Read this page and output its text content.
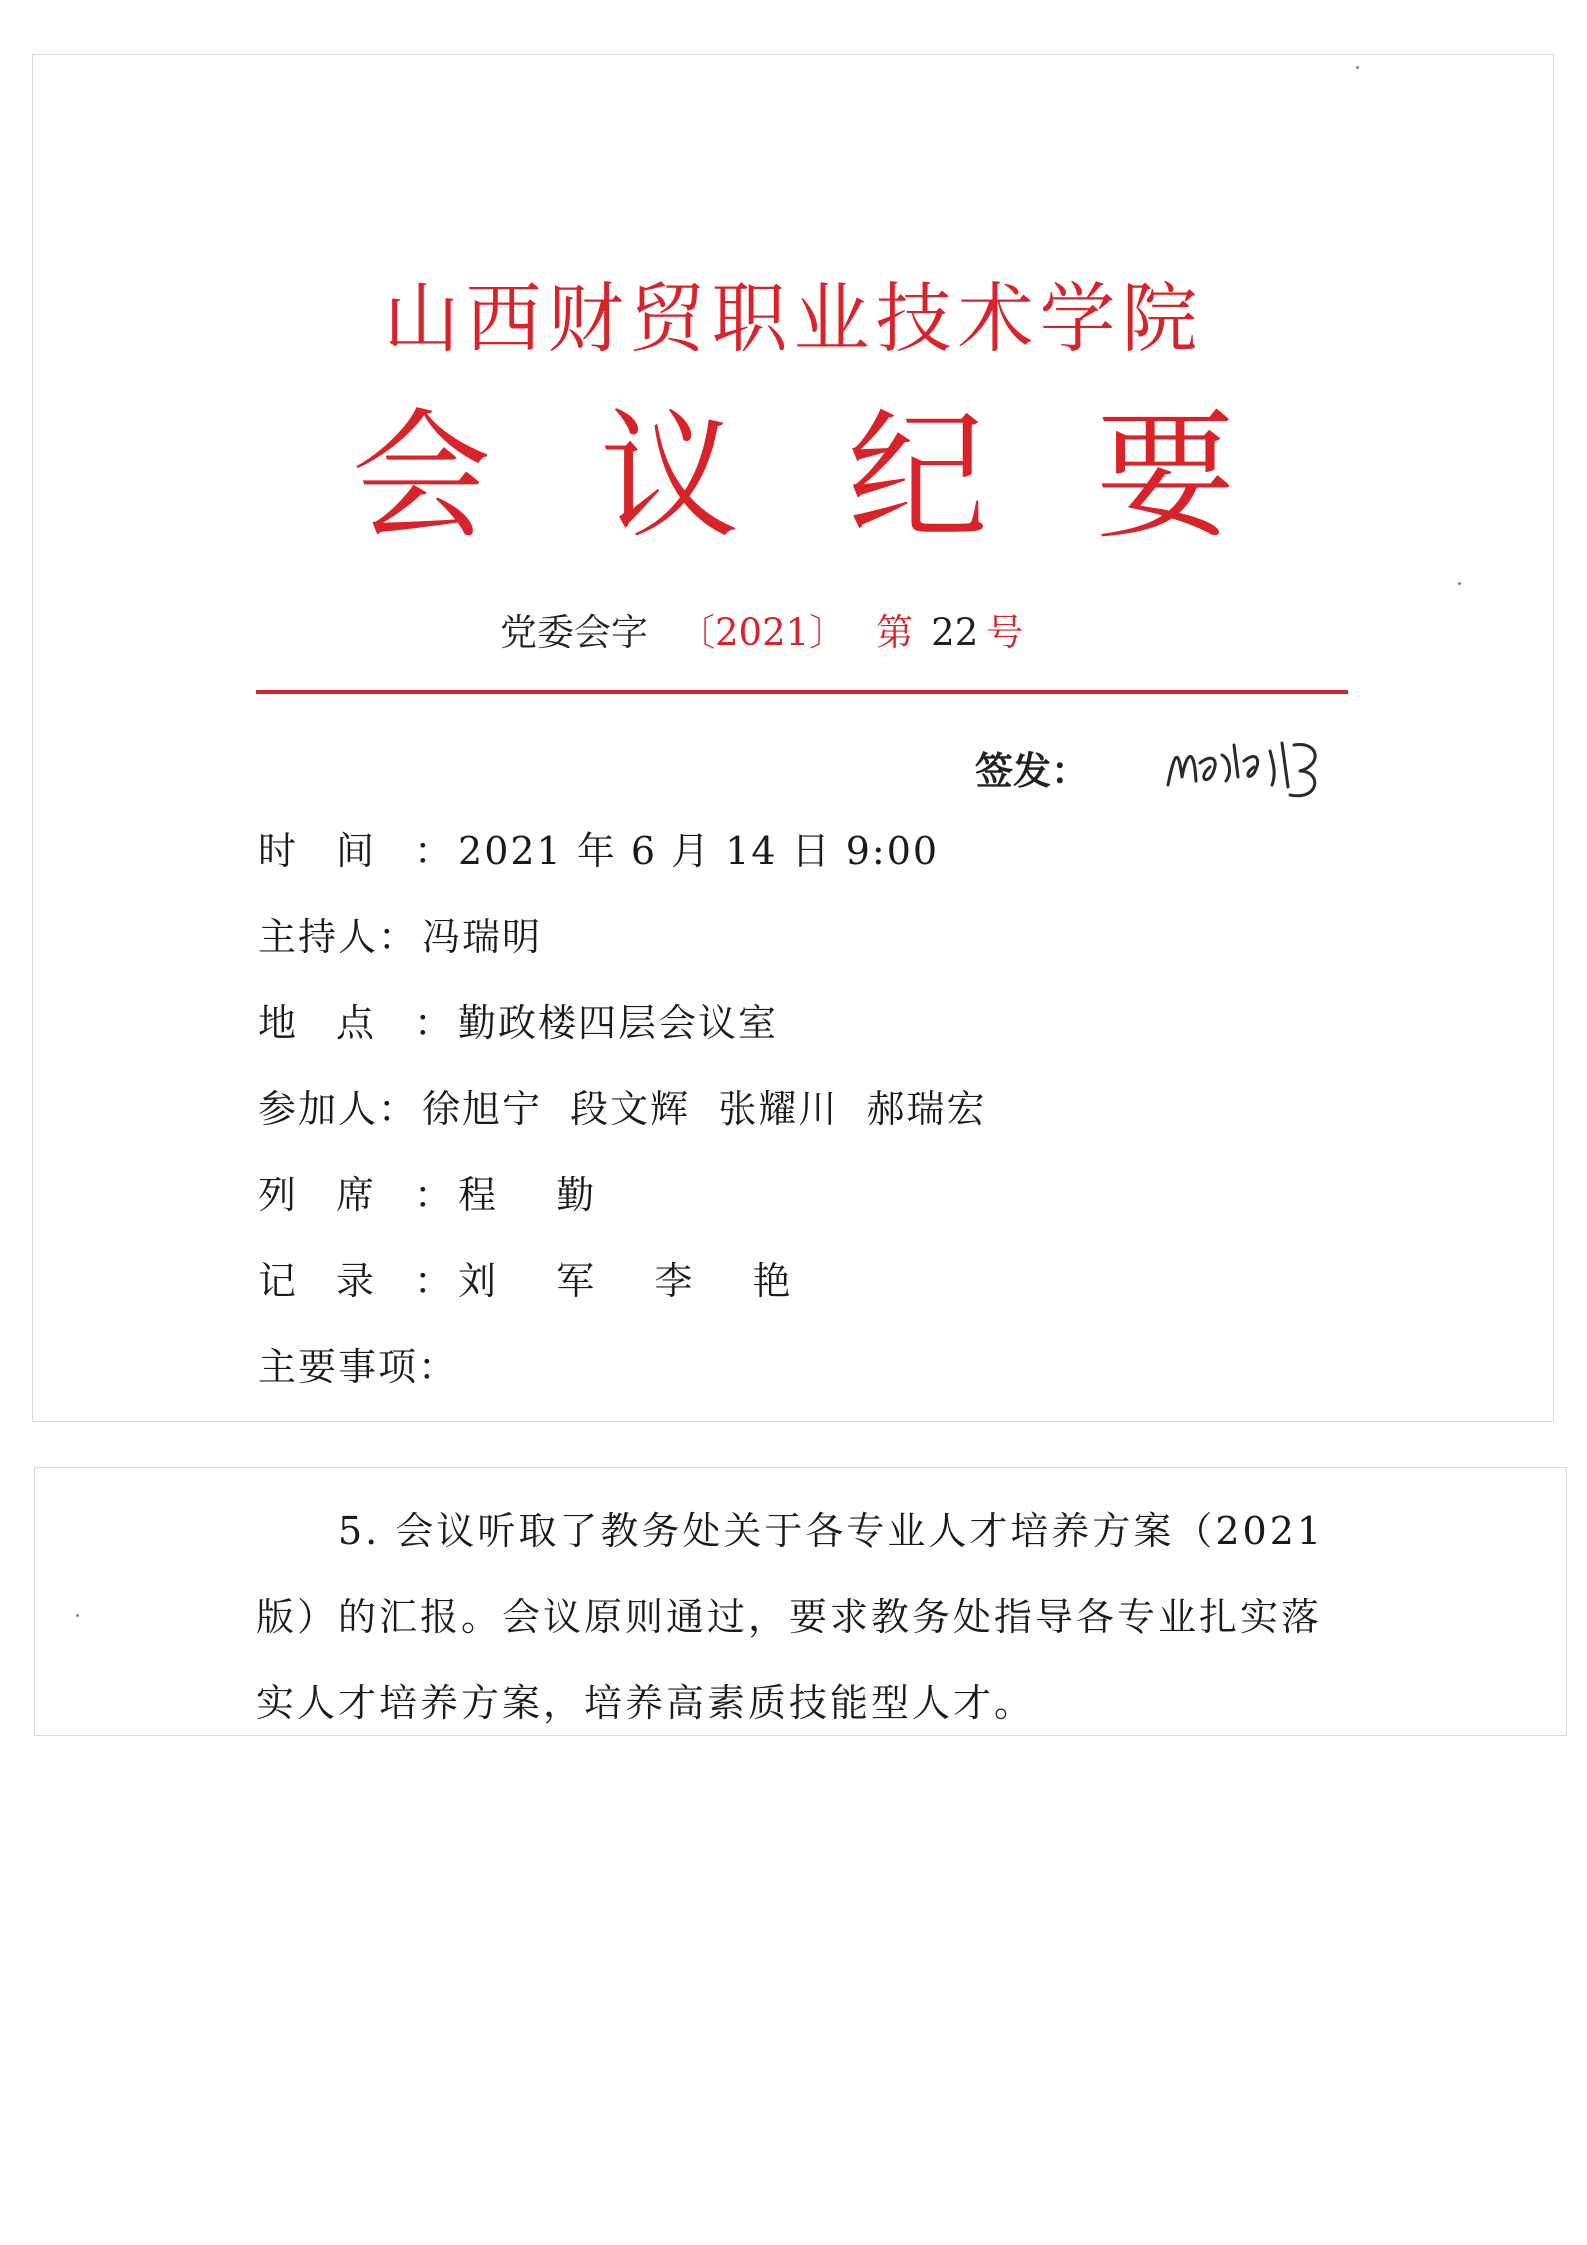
山西财贸职业技术学院
会 议 纪 要
党委会字 〔2021〕 第 22 号
签发：
时间： 2021 年 6 月 14 日 9:00
主持人： 冯瑞明
地点： 勤政楼四层会议室
参加人： 徐旭宁  段文辉  张耀川  郝瑞宏
列席： 程  勤
记录： 刘  军  李  艳
主要事项：
5. 会议听取了教务处关于各专业人才培养方案（2021
版）的汇报。会议原则通过，要求教务处指导各专业扎实落
实人才培养方案，培养高素质技能型人才。
